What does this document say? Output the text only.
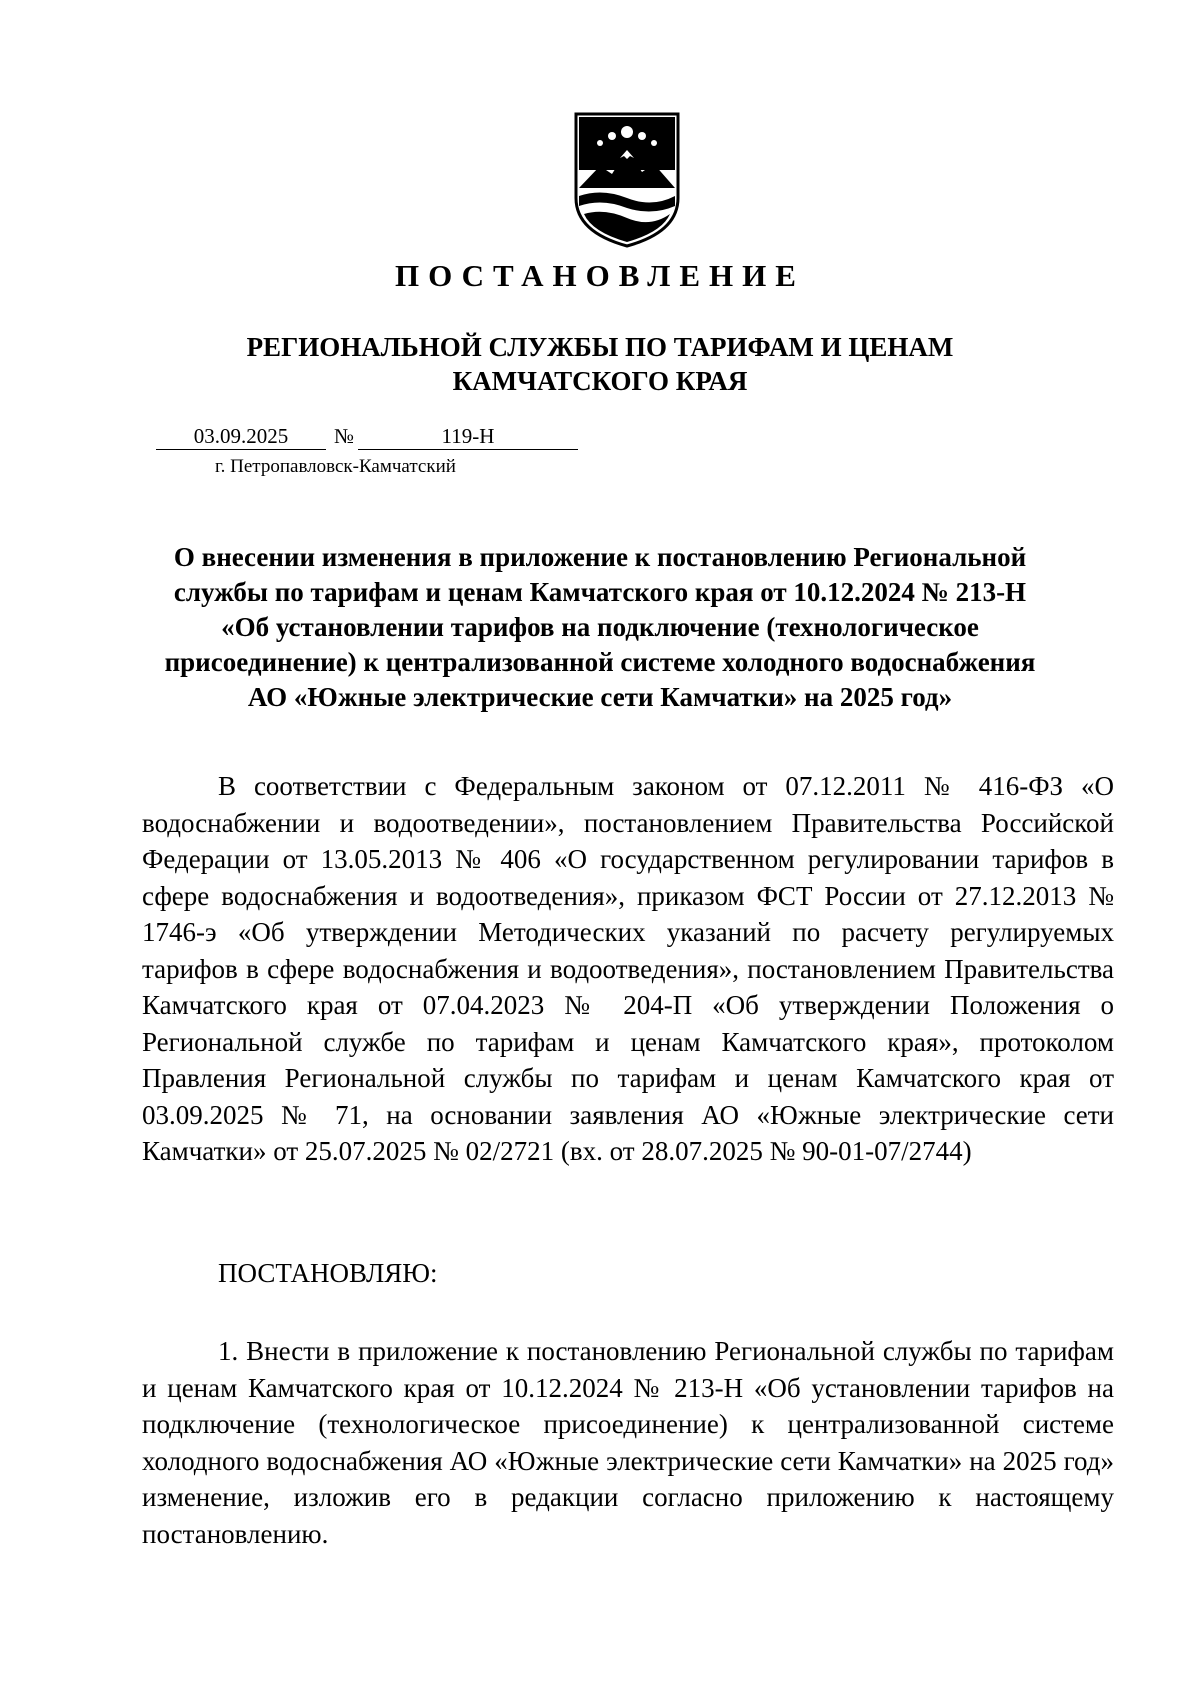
ПОСТАНОВЛЕНИЕ
РЕГИОНАЛЬНОЙ СЛУЖБЫ ПО ТАРИФАМ И ЦЕНАМ КАМЧАТСКОГО КРАЯ
03.09.2025	№	119-Н
г. Петропавловск-Камчатский
О внесении изменения в приложение к постановлению Региональной службы по тарифам и ценам Камчатского края от 10.12.2024 № 213-Н «Об установлении тарифов на подключение (технологическое присоединение) к централизованной системе холодного водоснабжения АО «Южные электрические сети Камчатки» на 2025 год»

В соответствии с Федеральным законом от 07.12.2011 № 416-ФЗ «О водоснабжении и водоотведении», постановлением Правительства Российской Федерации от 13.05.2013 № 406 «О государственном регулировании тарифов в сфере водоснабжения и водоотведения», приказом ФСТ России от 27.12.2013 № 1746-э «Об утверждении Методических указаний по расчету регулируемых тарифов в сфере водоснабжения и водоотведения», постановлением Правительства Камчатского края от 07.04.2023 № 204-П «Об утверждении Положения о Региональной службе по тарифам и ценам Камчатского края», протоколом Правления Региональной службы по тарифам и ценам Камчатского края от 03.09.2025 № 71, на основании заявления АО «Южные электрические сети Камчатки» от 25.07.2025 № 02/2721 (вх. от 28.07.2025 № 90-01-07/2744)

ПОСТАНОВЛЯЮ:

1. Внести в приложение к постановлению Региональной службы по тарифам и ценам Камчатского края от 10.12.2024 № 213-Н «Об установлении тарифов на подключение (технологическое присоединение) к централизованной системе холодного водоснабжения АО «Южные электрические сети Камчатки» на 2025 год» изменение, изложив его в редакции согласно приложению к настоящему постановлению.
